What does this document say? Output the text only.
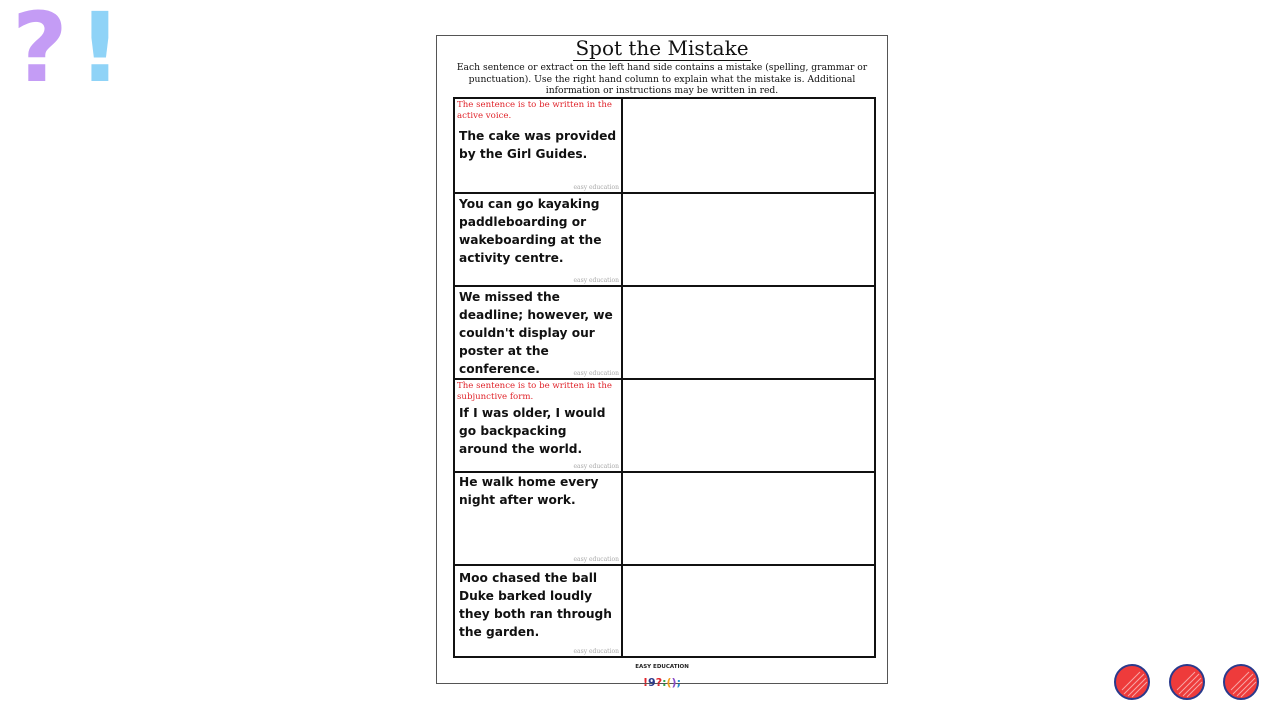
? !	Spot the Mistake
Each sentence or extract on the left hand side contains a mistake (spelling, grammar or punctuation). Use the right hand column to explain what the mistake is. Additional information or instructions may be written in red.
The sentence is to be written in the active voice.
The cake was provided by the Girl Guides.
easy education
You can go kayaking paddleboarding or wakeboarding at the activity centre.
easy education
We missed the deadline; however, we couldn't display our poster at the conference.	easy education
The sentence is to be written in the subjunctive form.
If I was older, I would go backpacking around the world.
easy education
He walk home every night after work.
easy education
Moo chased the ball Duke barked loudly they both ran through the garden.
easy education
EASY EDUCATION
!9?:();
